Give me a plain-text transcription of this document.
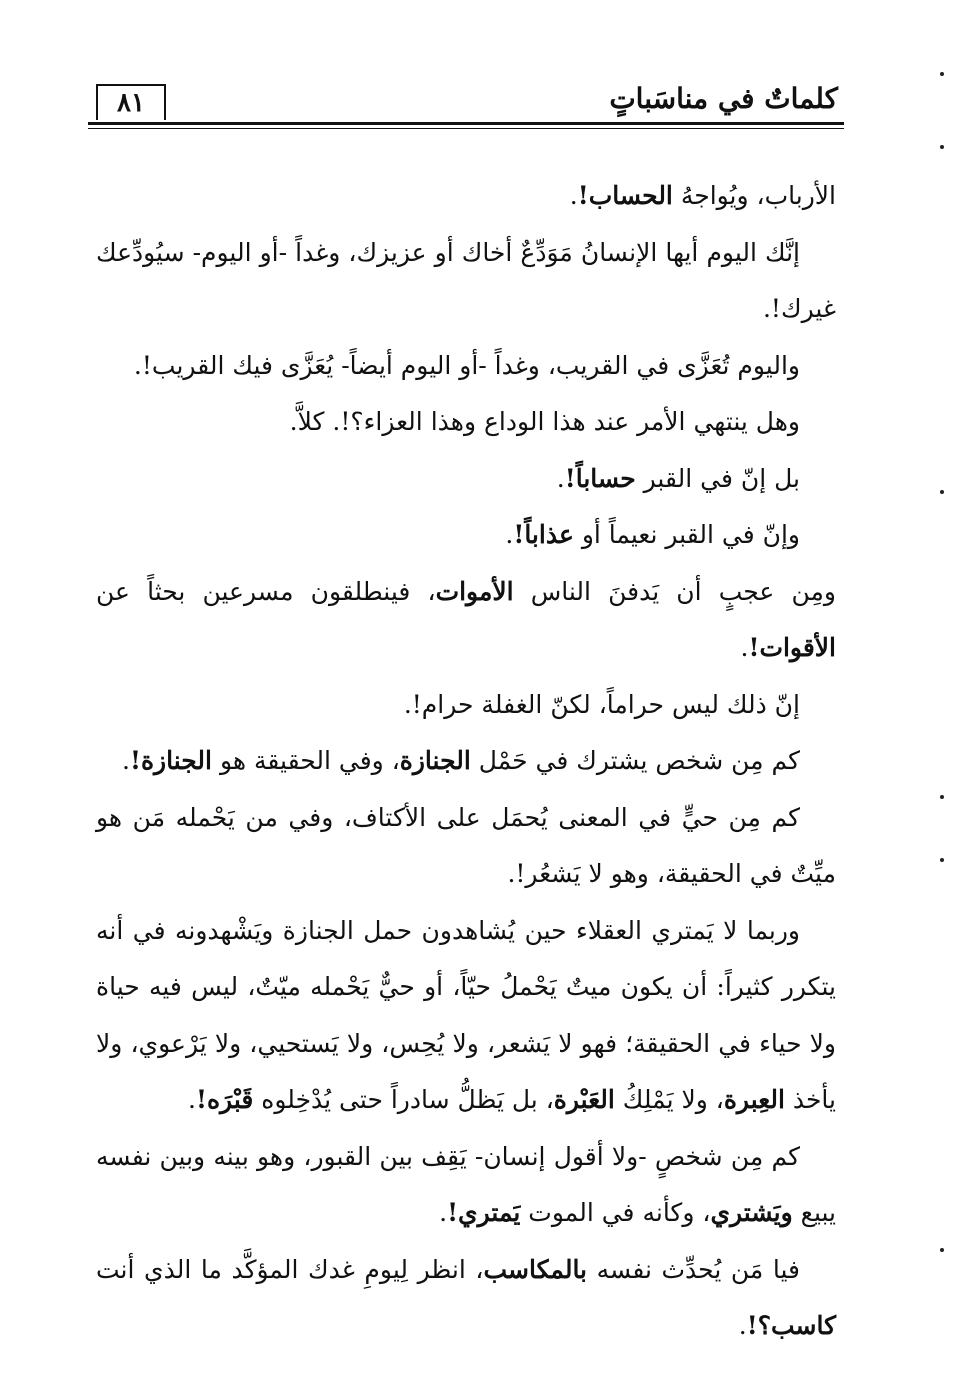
٨١	كلماتٌ في مناسَباتٍ

الأرباب، ويُواجهُ الحساب!.

إنَّك اليوم أيها الإنسانُ مَوَدِّعٌ أخاك أو عزيزك، وغداً -أو اليوم- سيُودِّعك غيرك!.

واليوم تُعَزَّى في القريب، وغداً -أو اليوم أيضاً- يُعَزَّى فيك القريب!.

وهل ينتهي الأمر عند هذا الوداع وهذا العزاء؟!. كلاَّ.

بل إنّ في القبر حساباً!.

وإنّ في القبر نعيماً أو عذاباً!.

ومِن عجبٍ أن يَدفنَ الناس الأموات، فينطلقون مسرعين بحثاً عن الأقوات!.

إنّ ذلك ليس حراماً، لكنّ الغفلة حرام!.

كم مِن شخص يشترك في حَمْل الجنازة، وفي الحقيقة هو الجنازة!.

كم مِن حيٍّ في المعنى يُحمَل على الأكتاف، وفي من يَحْمله مَن هو ميِّتٌ في الحقيقة، وهو لا يَشعُر!.

وربما لا يَمتري العقلاء حين يُشاهدون حمل الجنازة ويَشْهدونه في أنه يتكرر كثيراً: أن يكون ميتٌ يَحْملُ حيّاً، أو حيٌّ يَحْمله ميّتٌ، ليس فيه حياة ولا حياء في الحقيقة؛ فهو لا يَشعر، ولا يُحِس، ولا يَستحيي، ولا يَرْعوي، ولا يأخذ العِبرة، ولا يَمْلِكُ العَبْرة، بل يَظلُّ سادراً حتى يُدْخِلوه قَبْرَه!.

كم مِن شخصٍ -ولا أقول إنسان- يَقِف بين القبور، وهو بينه وبين نفسه يبيع ويَشتري، وكأنه في الموت يَمتري!.

فيا مَن يُحدِّث نفسه بالمكاسب، انظر لِيومِ غدك المؤكَّد ما الذي أنت كاسب؟!.
